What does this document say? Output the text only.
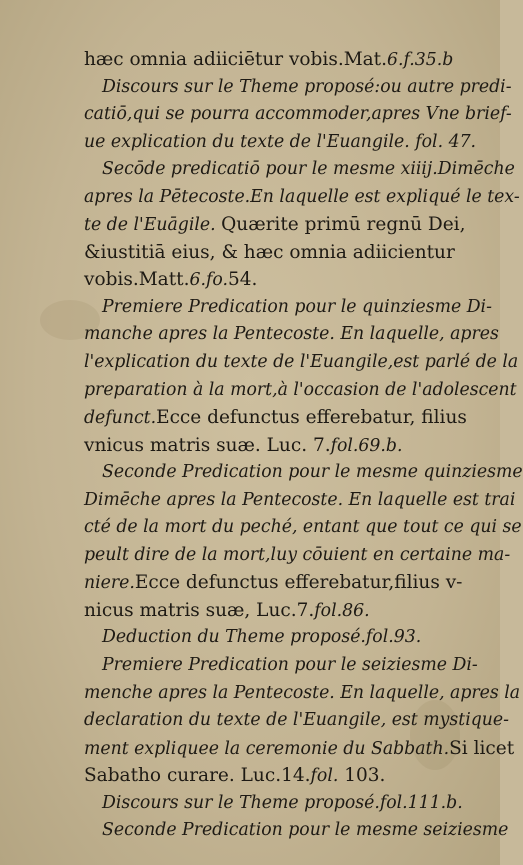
hæc omnia adiiciētur vobis.Mat.6.f.35.b
Discours sur le Theme proposé:ou autre predi-
catiō,qui se pourra accommoder,apres Vne brief-
ue explication du texte de l'Euangile. fol. 47.
Secōde predicatiō pour le mesme xiiij.Dimēche
apres la Pētecoste.En laquelle est expliqué le tex-
te de l'Euāgile. Quærite primū regnū Dei,
&iustitiā eius, & hæc omnia adiicientur
vobis.Matt.6.fo.54.
Premiere Predication pour le quinziesme Di-
manche apres la Pentecoste. En laquelle, apres
l'explication du texte de l'Euangile,est parlé de la
preparation à la mort,à l'occasion de l'adolescent
defunct.Ecce defunctus efferebatur, filius
vnicus matris suæ. Luc. 7.fol.69.b.
Seconde Predication pour le mesme quinziesme
Dimēche apres la Pentecoste. En laquelle est trai
cté de la mort du peché, entant que tout ce qui se
peult dire de la mort,luy cōuient en certaine ma-
niere.Ecce defunctus efferebatur,filius v-
nicus matris suæ, Luc.7.fol.86.
Deduction du Theme proposé.fol.93.
Premiere Predication pour le seiziesme Di-
menche apres la Pentecoste. En laquelle, apres la
declaration du texte de l'Euangile, est mystique-
ment expliquee la ceremonie du Sabbath.Si licet
Sabatho curare. Luc.14.fol. 103.
Discours sur le Theme proposé.fol.111.b.
Seconde Predication pour le mesme seiziesme
